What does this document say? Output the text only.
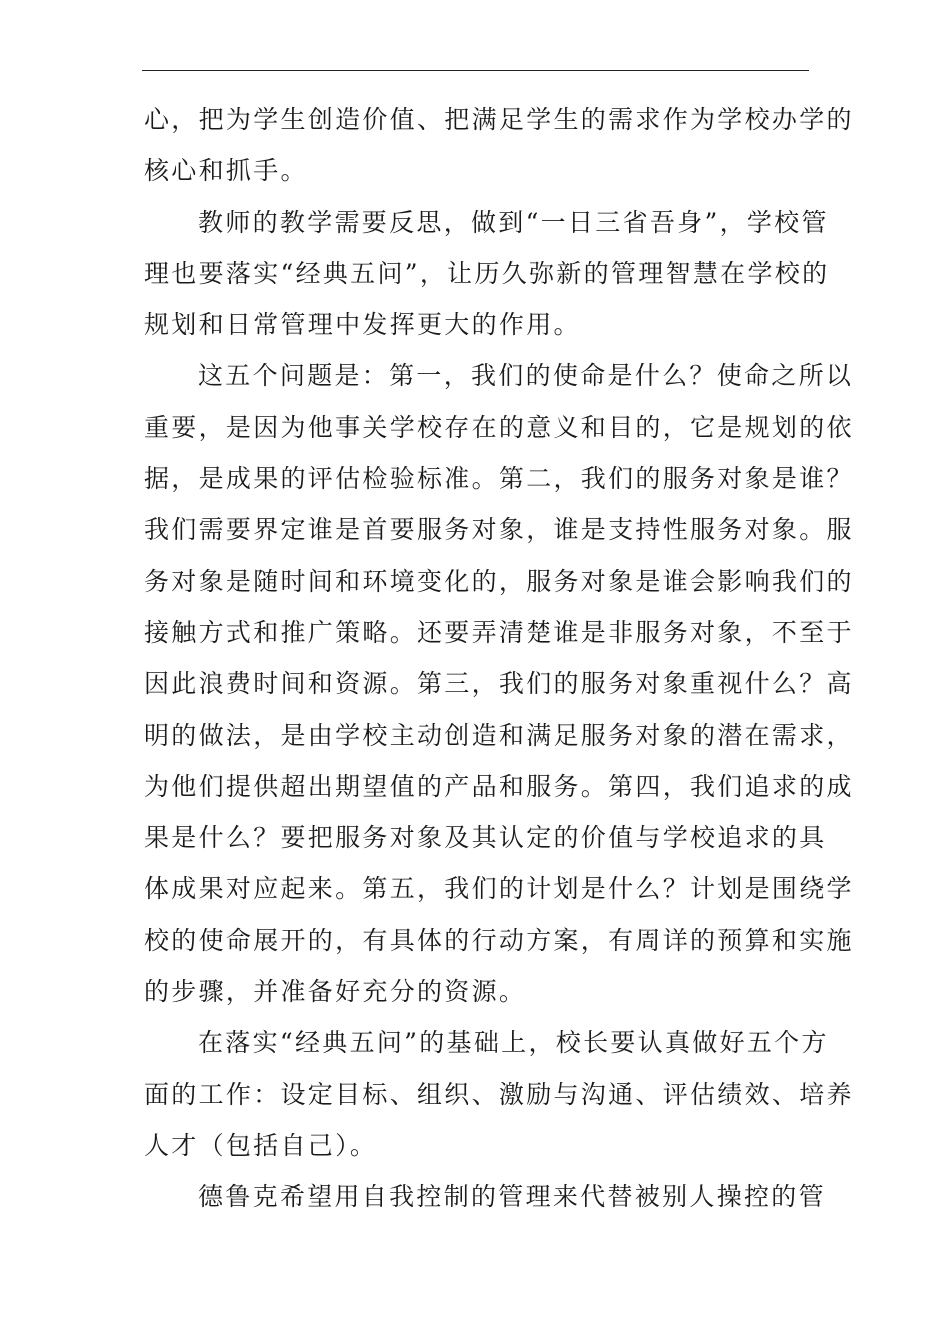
心，把为学生创造价值、把满足学生的需求作为学校办学的
核心和抓手。
教师的教学需要反思，做到“一日三省吾身”，学校管
理也要落实“经典五问”，让历久弥新的管理智慧在学校的
规划和日常管理中发挥更大的作用。
这五个问题是：第一，我们的使命是什么？使命之所以
重要，是因为他事关学校存在的意义和目的，它是规划的依
据，是成果的评估检验标准。第二，我们的服务对象是谁？
我们需要界定谁是首要服务对象，谁是支持性服务对象。服
务对象是随时间和环境变化的，服务对象是谁会影响我们的
接触方式和推广策略。还要弄清楚谁是非服务对象，不至于
因此浪费时间和资源。第三，我们的服务对象重视什么？高
明的做法，是由学校主动创造和满足服务对象的潜在需求，
为他们提供超出期望值的产品和服务。第四，我们追求的成
果是什么？要把服务对象及其认定的价值与学校追求的具
体成果对应起来。第五，我们的计划是什么？计划是围绕学
校的使命展开的，有具体的行动方案，有周详的预算和实施
的步骤，并准备好充分的资源。
在落实“经典五问”的基础上，校长要认真做好五个方
面的工作：设定目标、组织、激励与沟通、评估绩效、培养
人才（包括自己）。
德鲁克希望用自我控制的管理来代替被别人操控的管
